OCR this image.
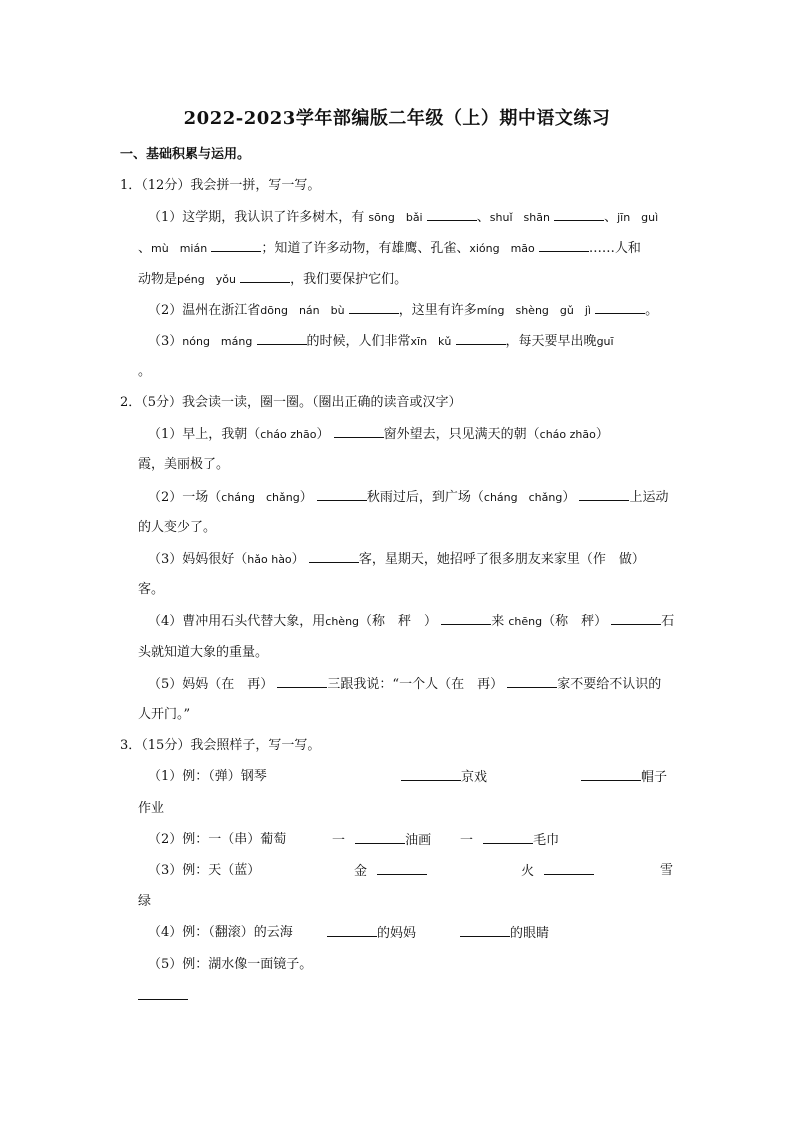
2022-2023学年部编版二年级（上）期中语文练习
一、基础积累与运用。
1．（12分）我会拼一拼，写一写。
（1）这学期，我认识了许多树木，有 sōng　bǎi	、shuǐ　shān	、jīn　guì
、mù　mián	；知道了许多动物，有雄鹰、孔雀、xióng　māo	……人和
动物是péng　yǒu	，我们要保护它们。
（2）温州在浙江省dōng　nán　bù	，这里有许多míng　shèng　gǔ　jì	。
（3）nóng　máng	的时候，人们非常xīn　kǔ	，每天要早出晚guī
。
2．（5分）我会读一读，圈一圈。（圈出正确的读音或汉字）
（1）早上，我朝（cháo zhāo）	窗外望去，只见满天的朝（cháo zhāo）
霞，美丽极了。
（2）一场（cháng　chǎng）	秋雨过后，到广场（cháng　chǎng）	上运动
的人变少了。
（3）妈妈很好（hǎo hào）	客，星期天，她招呼了很多朋友来家里（作　做）
客。
（4）曹冲用石头代替大象，用chèng（称　秤　）	来 chēng（称　秤）	石
头就知道大象的重量。
（5）妈妈（在　再）	三跟我说：“一个人（在　再）	家不要给不认识的
人开门。”
3．（15分）我会照样子，写一写。
（1）例：（弹）钢琴	京戏	帽子
作业
（2）例：一（串）葡萄	一	油画 一	毛巾
（3）例：天（蓝）	金	火	雪
绿
（4）例：（翻滚）的云海	的妈妈	的眼睛
（5）例：湖水像一面镜子。
